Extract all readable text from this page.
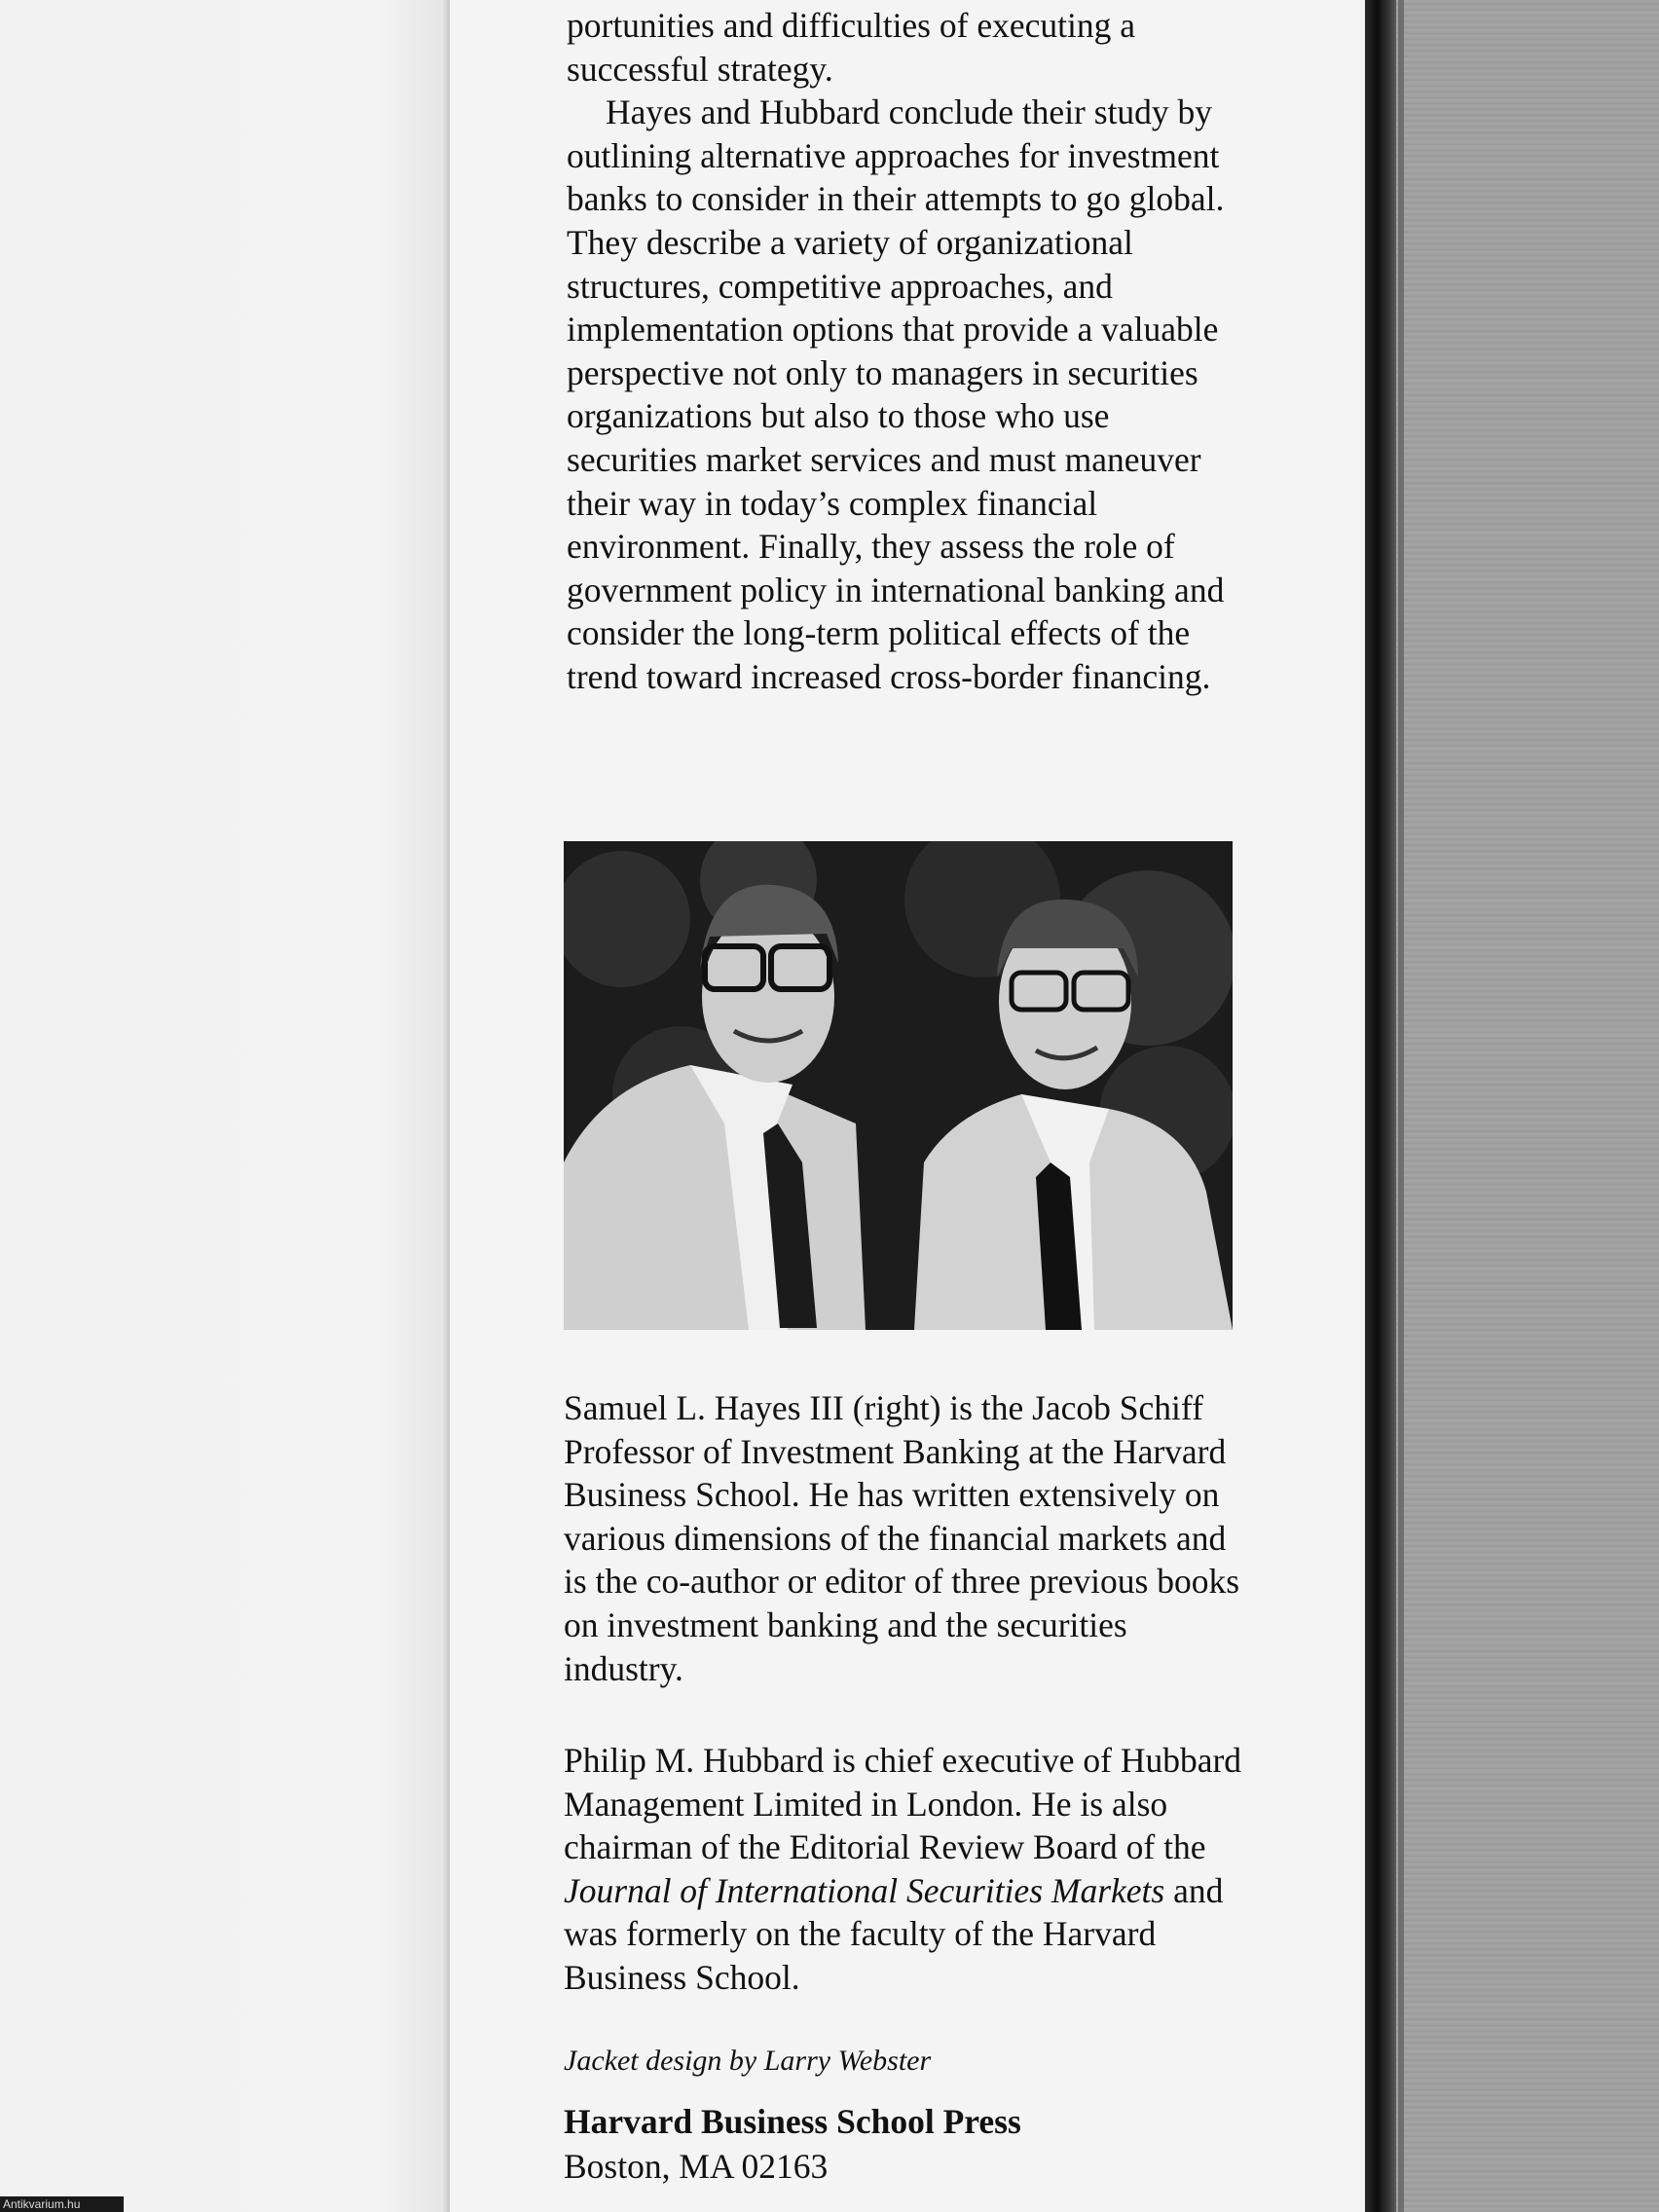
portunities and difficulties of executing a successful strategy.

Hayes and Hubbard conclude their study by outlining alternative approaches for investment banks to consider in their attempts to go global. They describe a variety of organizational structures, competitive approaches, and implementation options that provide a valuable perspective not only to managers in securities organizations but also to those who use securities market services and must maneuver their way in today’s complex financial environment. Finally, they assess the role of government policy in international banking and consider the long-term political effects of the trend toward increased cross-border financing.

Samuel L. Hayes III (right) is the Jacob Schiff Professor of Investment Banking at the Harvard Business School. He has written extensively on various dimensions of the financial markets and is the co-author or editor of three previous books on investment banking and the securities industry.

Philip M. Hubbard is chief executive of Hubbard Management Limited in London. He is also chairman of the Editorial Review Board of the Journal of International Securities Markets and was formerly on the faculty of the Harvard Business School.

Jacket design by Larry Webster
Harvard Business School Press
Boston, MA 02163
Antikvarium.hu
